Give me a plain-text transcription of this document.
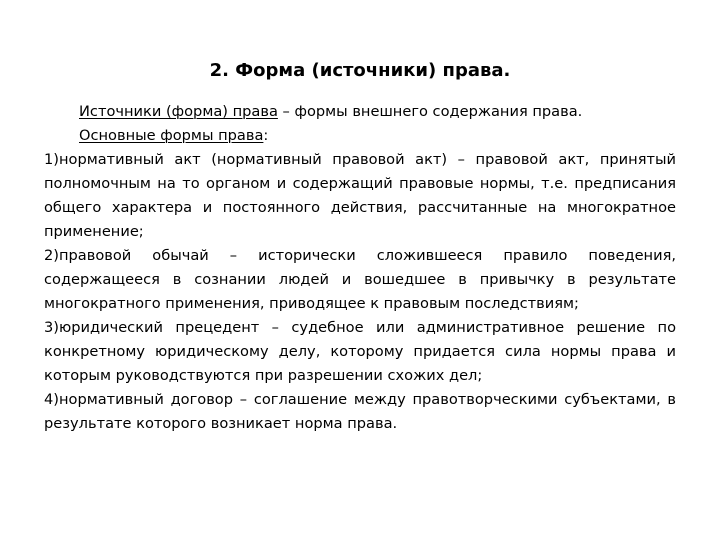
2. Форма (источники) права.
Источники (форма) права – формы внешнего содержания права.
Основные формы права:

1)нормативный акт (нормативный правовой акт) – правовой акт, принятый полномочным на то органом и содержащий правовые нормы, т.е. предписания общего характера и постоянного действия, рассчитанные на многократное применение;

2)правовой обычай – исторически сложившееся правило поведения, содержащееся в сознании людей и вошедшее в привычку в результате многократного применения, приводящее к правовым последствиям;

3)юридический прецедент – судебное или административное решение по конкретному юридическому делу, которому придается сила нормы права и которым руководствуются при разрешении схожих дел;

4)нормативный договор – соглашение между правотворческими субъектами, в результате которого возникает норма права.
